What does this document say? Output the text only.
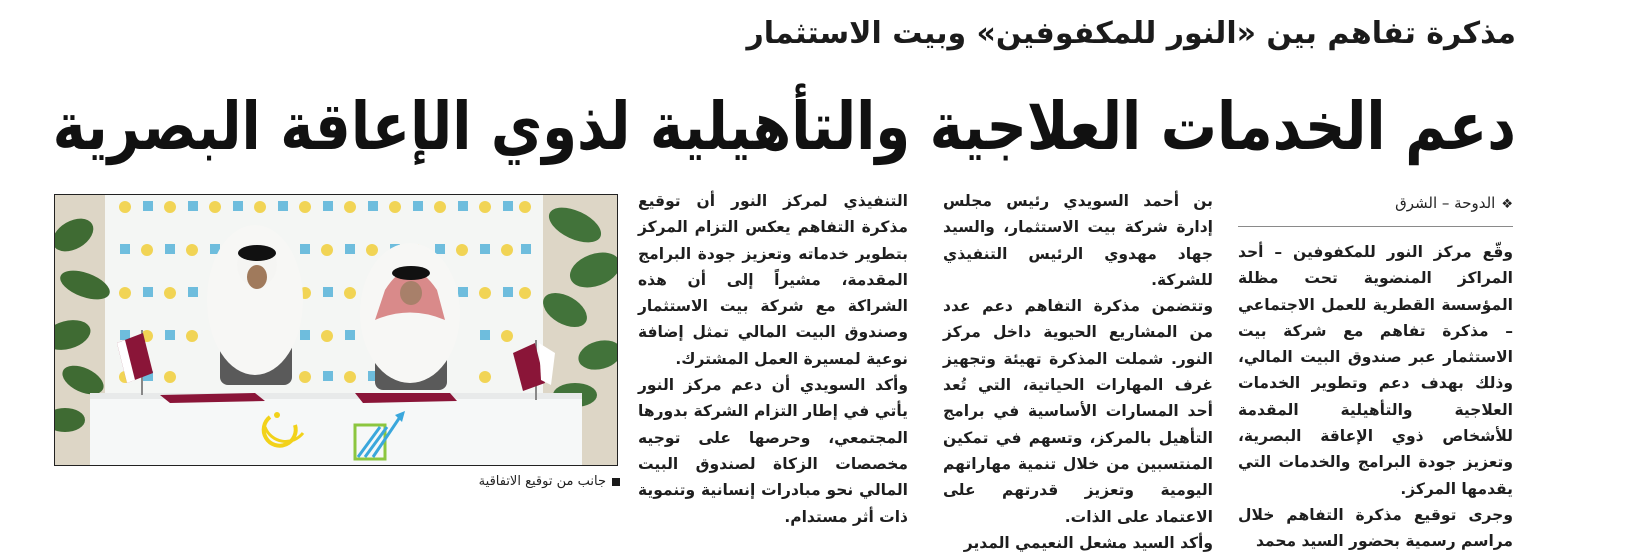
مذكرة تفاهم بين «النور للمكفوفين» وبيت الاستثمار
دعم الخدمات العلاجية والتأهيلية لذوي الإعاقة البصرية
❖الدوحة – الشرق

وقّع مركز النور للمكفوفين – أحد المراكز المنضوية تحت مظلة المؤسسة القطرية للعمل الاجتماعي – مذكرة تفاهم مع شركة بيت الاستثمار عبر صندوق البيت المالي، وذلك بهدف دعم وتطوير الخدمات العلاجية والتأهيلية المقدمة للأشخاص ذوي الإعاقة البصرية، وتعزيز جودة البرامج والخدمات التي يقدمها المركز.

وجرى توقيع مذكرة التفاهم خلال مراسم رسمية بحضور السيد محمد

بن أحمد السويدي رئيس مجلس إدارة شركة بيت الاستثمار، والسيد جهاد مهدوي الرئيس التنفيذي للشركة.

وتتضمن مذكرة التفاهم دعم عدد من المشاريع الحيوية داخل مركز النور. شملت المذكرة تهيئة وتجهيز غرف المهارات الحياتية، التي تُعد أحد المسارات الأساسية في برامج التأهيل بالمركز، وتسهم في تمكين المنتسبين من خلال تنمية مهاراتهم اليومية وتعزيز قدرتهم على الاعتماد على الذات.

وأكد السيد مشعل النعيمي المدير

التنفيذي لمركز النور أن توقيع مذكرة التفاهم يعكس التزام المركز بتطوير خدماته وتعزيز جودة البرامج المقدمة، مشيراً إلى أن هذه الشراكة مع شركة بيت الاستثمار وصندوق البيت المالي تمثل إضافة نوعية لمسيرة العمل المشترك.

وأكد السويدي أن دعم مركز النور يأتي في إطار التزام الشركة بدورها المجتمعي، وحرصها على توجيه مخصصات الزكاة لصندوق البيت المالي نحو مبادرات إنسانية وتنموية ذات أثر مستدام.

جانب من توقيع الاتفاقية
